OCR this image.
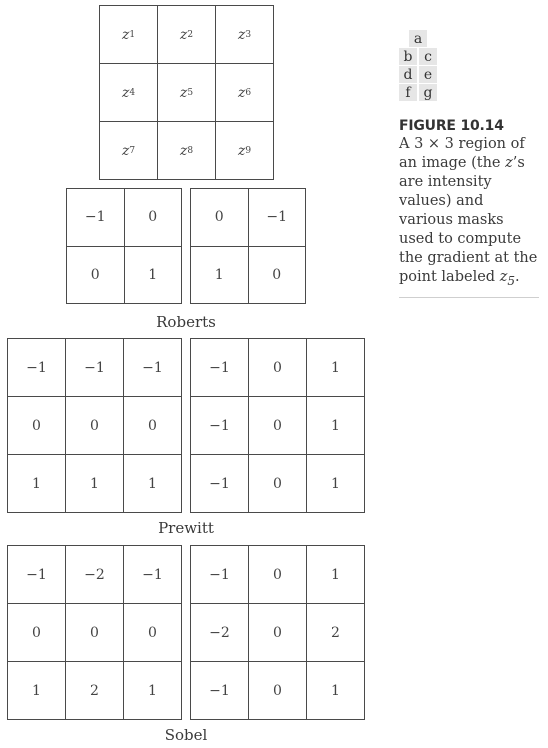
z 1	z 2	z 3
z 4	z 5	z 6
z 7	z 8	z 9
−1	0
0	1
0	−1
1	0
Roberts
−1	−1	−1
0	0	0
1	1	1
−1	0	1
−1	0	1
−1	0	1
Prewitt
−1	−2	−1
0	0	0
1	2	1
−1	0	1
−2	0	2
−1	0	1
Sobel
a
b c
d e
f g
FIGURE 10.14
A 3 × 3 region of an image (the z’s are intensity values) and various masks used to compute the gradient at the point labeled $z_5$.
